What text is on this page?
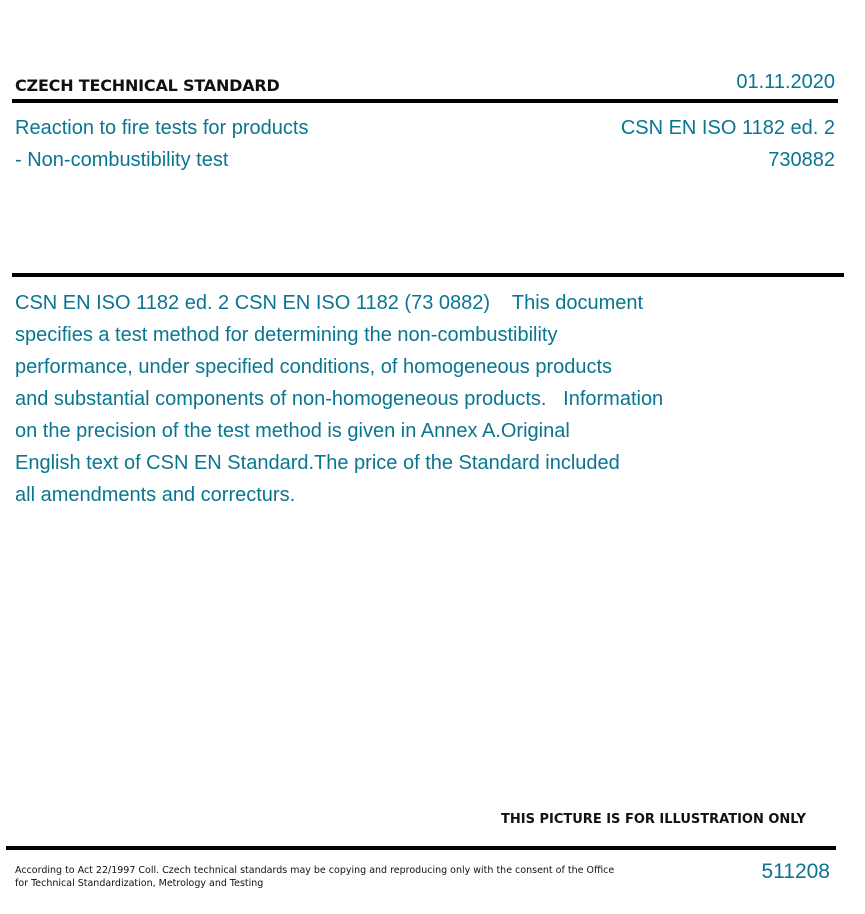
CZECH TECHNICAL STANDARD	01.11.2020
Reaction to fire tests for products
- Non-combustibility test
CSN EN ISO 1182 ed. 2
730882
CSN EN ISO 1182 ed. 2 CSN EN ISO 1182 (73 0882)    This document
specifies a test method for determining the non-combustibility
performance, under specified conditions, of homogeneous products
and substantial components of non-homogeneous products.   Information
on the precision of the test method is given in Annex A.Original
English text of CSN EN Standard.The price of the Standard included
all amendments and correcturs.
THIS PICTURE IS FOR ILLUSTRATION ONLY
According to Act 22/1997 Coll. Czech technical standards may be copying and reproducing only with the consent of the Office
for Technical Standardization, Metrology and Testing
511208
